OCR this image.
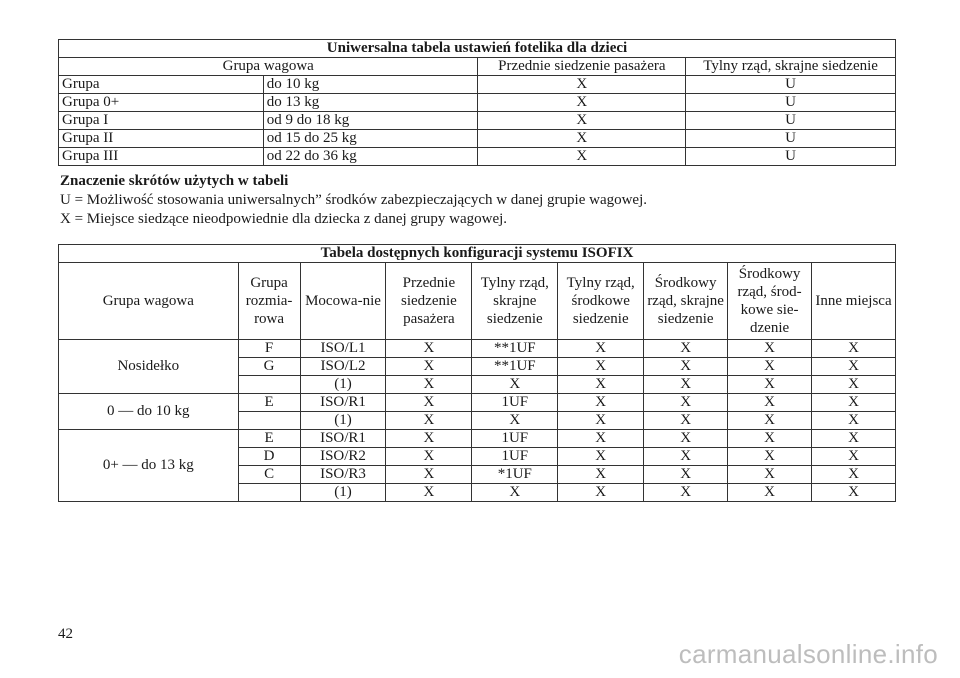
Uniwersalna tabela ustawień fotelika dla dzieci			
Grupa wagowa		Przednie siedzenie pasażera	Tylny rząd, skrajne siedzenie
Grupa	do 10 kg	X	U
Grupa 0+	do 13 kg	X	U
Grupa I	od 9 do 18 kg	X	U
Grupa II	od 15 do 25 kg	X	U
Grupa III	od 22 do 36 kg	X	U
Znaczenie skrótów użytych w tabeli
U = Możliwość stosowania uniwersalnych” środków zabezpieczających w danej grupie wagowej.
X = Miejsce siedzące nieodpowiednie dla dziecka z danej grupy wagowej.
Tabela dostępnych konfiguracji systemu ISOFIX								
Grupa wagowa	Grupa rozmia-rowa	Mocowa-nie	Przednie siedzenie pasażera	Tylny rząd, skrajne siedzenie	Tylny rząd, środkowe siedzenie	Środkowy rząd, skrajne siedzenie	Środkowy rząd, środ-kowe sie-dzenie	Inne miejsca
Nosidełko	F	ISO/L1	X	**1UF	X	X	X	X
	G	ISO/L2	X	**1UF	X	X	X	X
		(1)	X	X	X	X	X	X
0 — do 10 kg	E	ISO/R1	X	1UF	X	X	X	X
		(1)	X	X	X	X	X	X
0+ — do 13 kg	E	ISO/R1	X	1UF	X	X	X	X
	D	ISO/R2	X	1UF	X	X	X	X
	C	ISO/R3	X	*1UF	X	X	X	X
		(1)	X	X	X	X	X	X
42
carmanualsonline.info
